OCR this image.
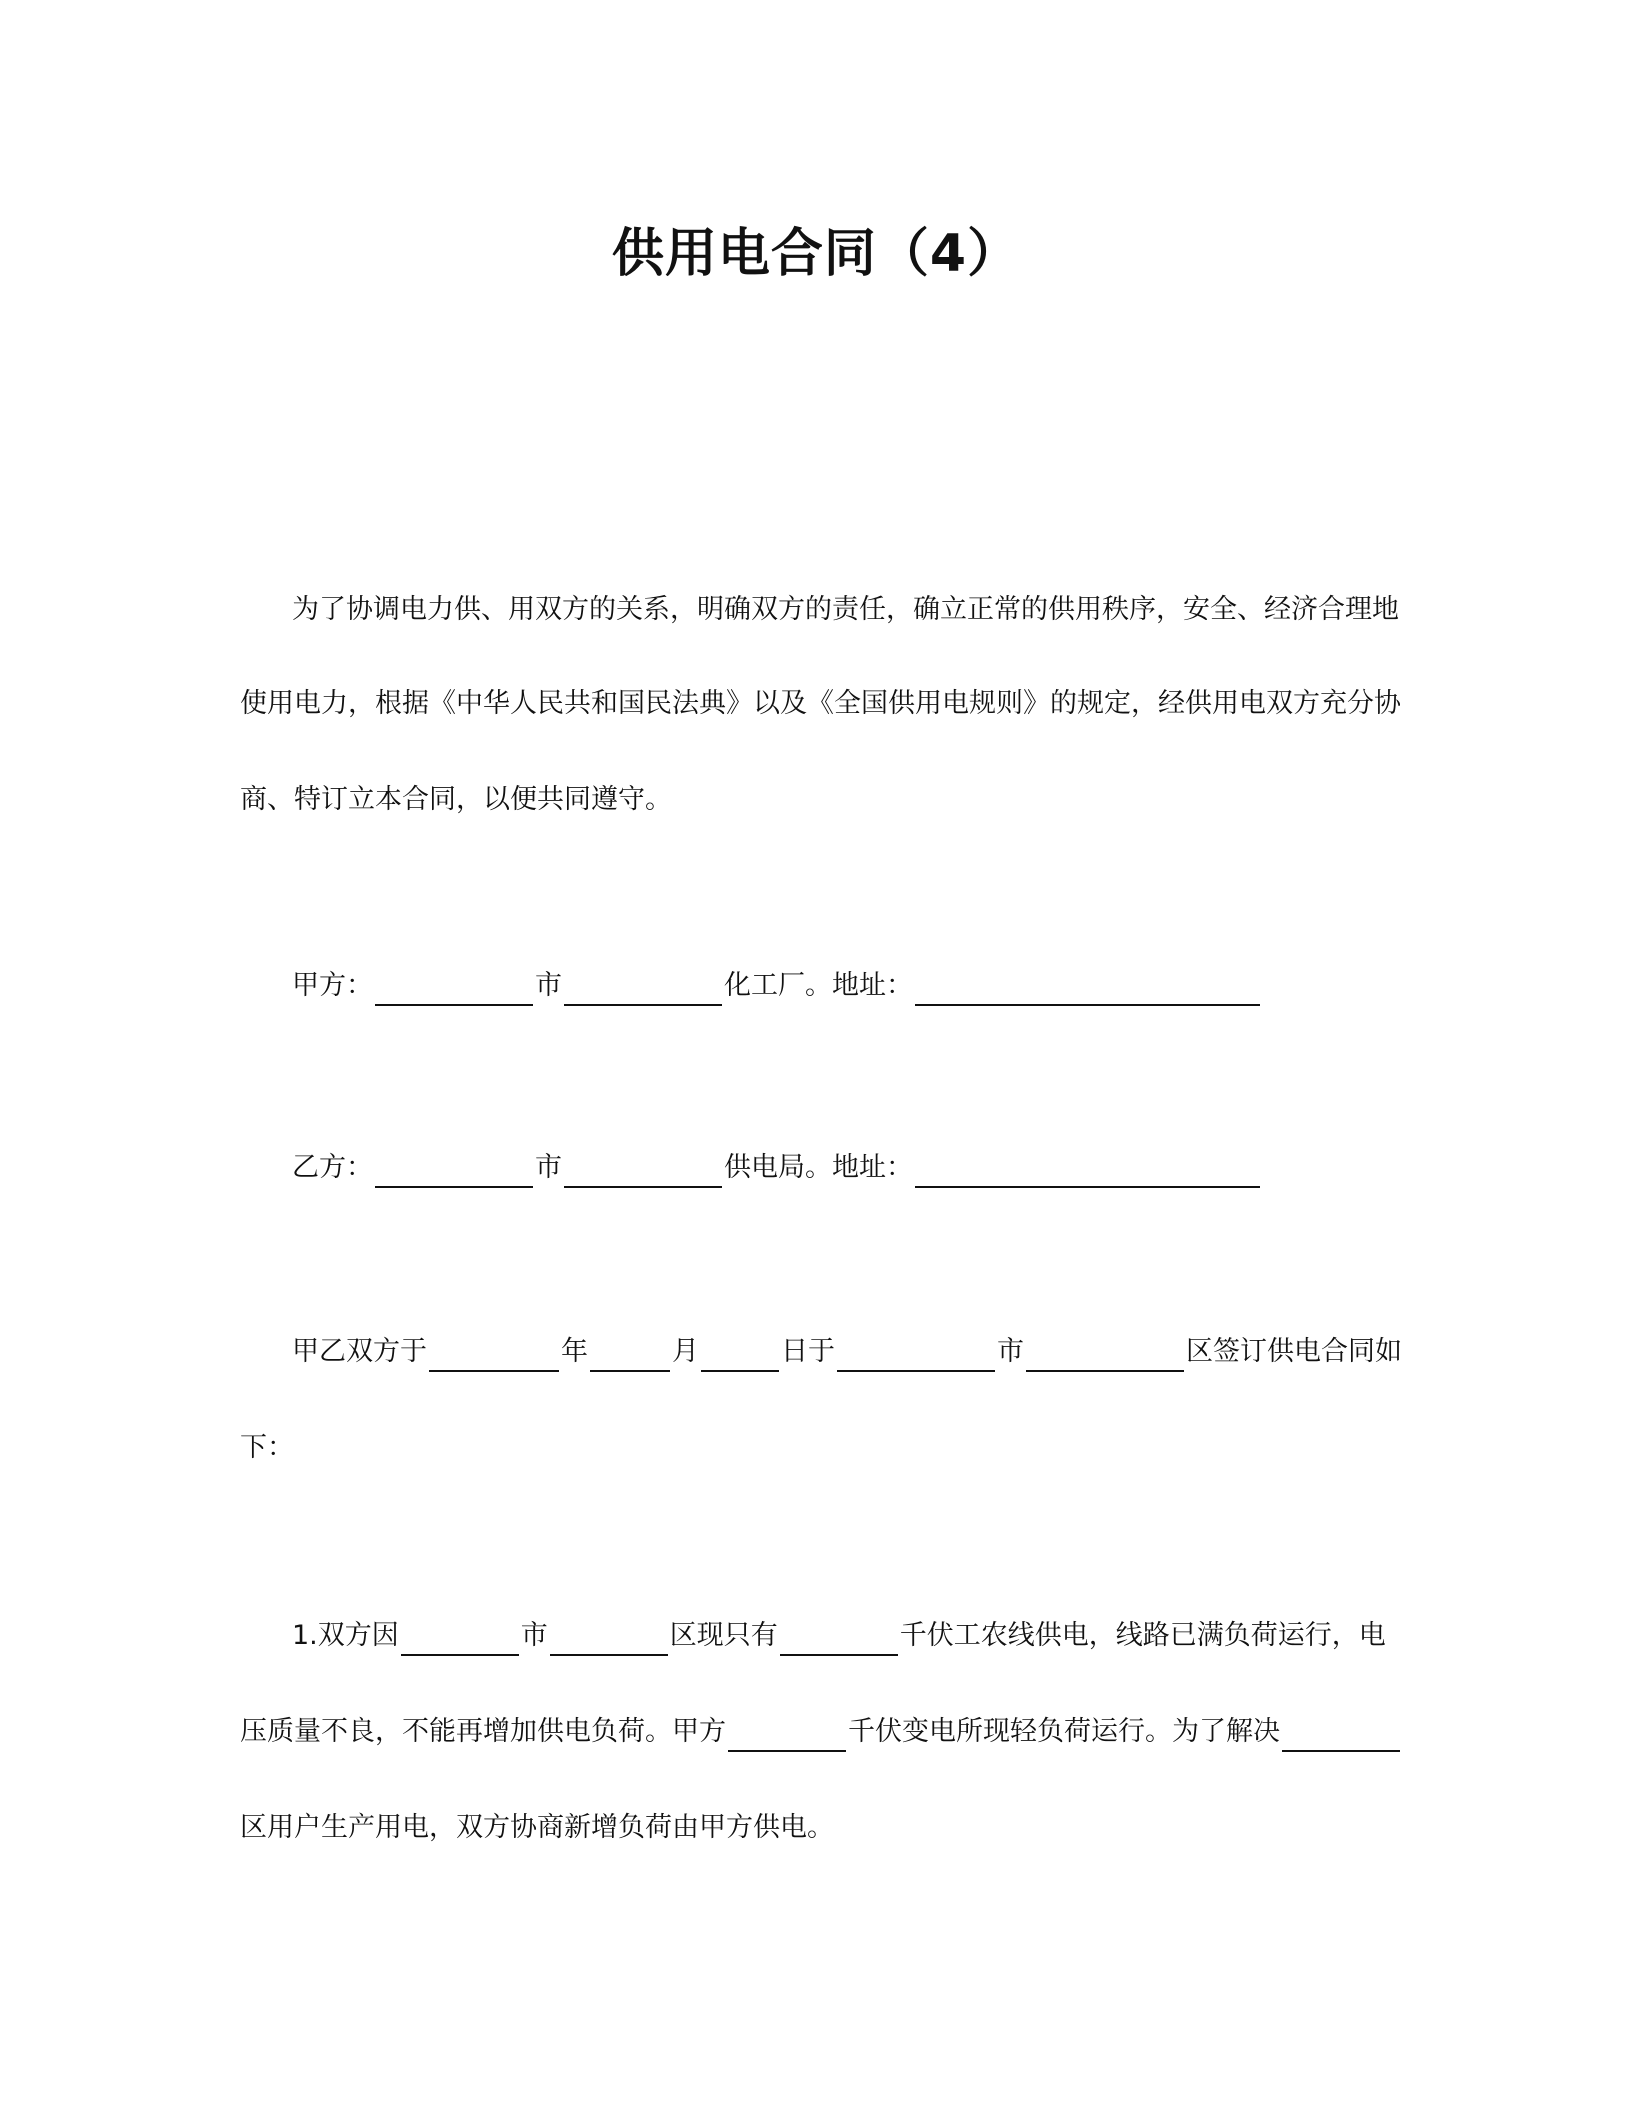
供用电合同（4）
为了协调电力供、用双方的关系，明确双方的责任，确立正常的供用秩序，安全、经济合理地
使用电力，根据《中华人民共和国民法典》以及《全国供用电规则》的规定，经供用电双方充分协
商、特订立本合同，以便共同遵守。
甲方：	市	化工厂。地址：
乙方：	市	供电局。地址：
甲乙双方于	年	月	日于	市	区签订供电合同如
下：
1.双方因	市	区现只有	千伏工农线供电，线路已满负荷运行，电
压质量不良，不能再增加供电负荷。甲方	千伏变电所现轻负荷运行。为了解决
区用户生产用电，双方协商新增负荷由甲方供电。
